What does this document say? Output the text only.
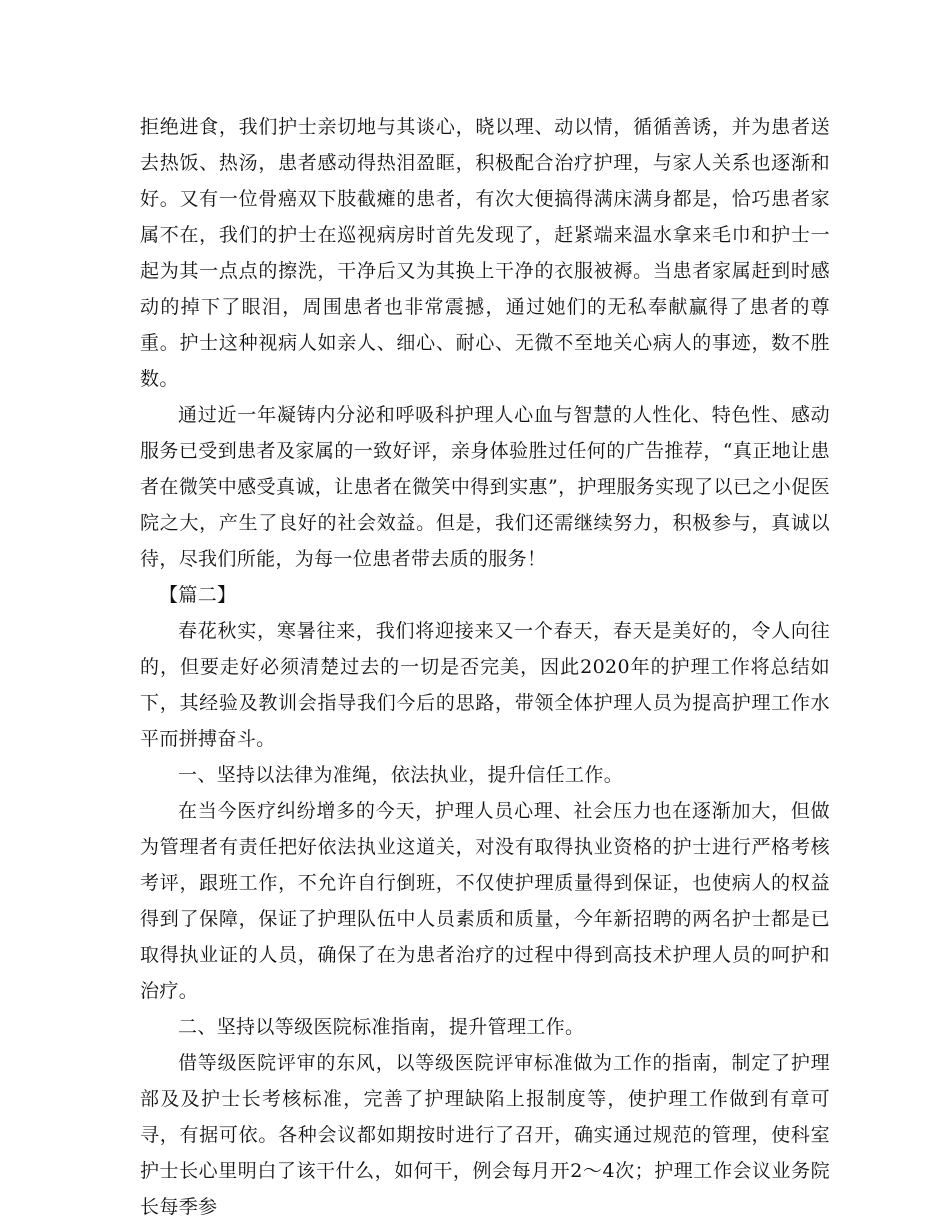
拒绝进食，我们护士亲切地与其谈心，晓以理、动以情，循循善诱，并为患者送去热饭、热汤，患者感动得热泪盈眶，积极配合治疗护理，与家人关系也逐渐和好。又有一位骨癌双下肢截瘫的患者，有次大便搞得满床满身都是，恰巧患者家属不在，我们的护士在巡视病房时首先发现了，赶紧端来温水拿来毛巾和护士一起为其一点点的擦洗，干净后又为其换上干净的衣服被褥。当患者家属赶到时感动的掉下了眼泪，周围患者也非常震撼，通过她们的无私奉献赢得了患者的尊重。护士这种视病人如亲人、细心、耐心、无微不至地关心病人的事迹，数不胜数。

通过近一年凝铸内分泌和呼吸科护理人心血与智慧的人性化、特色性、感动服务已受到患者及家属的一致好评，亲身体验胜过任何的广告推荐，“真正地让患者在微笑中感受真诚，让患者在微笑中得到实惠”，护理服务实现了以已之小促医院之大，产生了良好的社会效益。但是，我们还需继续努力，积极参与，真诚以待，尽我们所能，为每一位患者带去质的服务！

【篇二】

春花秋实，寒暑往来，我们将迎接来又一个春天，春天是美好的，令人向往的，但要走好必须清楚过去的一切是否完美，因此2020年的护理工作将总结如下，其经验及教训会指导我们今后的思路，带领全体护理人员为提高护理工作水平而拼搏奋斗。

一、坚持以法律为准绳，依法执业，提升信任工作。

在当今医疗纠纷增多的今天，护理人员心理、社会压力也在逐渐加大，但做为管理者有责任把好依法执业这道关，对没有取得执业资格的护士进行严格考核考评，跟班工作，不允许自行倒班，不仅使护理质量得到保证，也使病人的权益得到了保障，保证了护理队伍中人员素质和质量，今年新招聘的两名护士都是已取得执业证的人员，确保了在为患者治疗的过程中得到高技术护理人员的呵护和治疗。

二、坚持以等级医院标准指南，提升管理工作。

借等级医院评审的东风，以等级医院评审标准做为工作的指南，制定了护理部及及护士长考核标准，完善了护理缺陷上报制度等，使护理工作做到有章可寻，有据可依。各种会议都如期按时进行了召开，确实通过规范的管理，使科室护士长心里明白了该干什么，如何干，例会每月开2～4次；护理工作会议业务院长每季参
